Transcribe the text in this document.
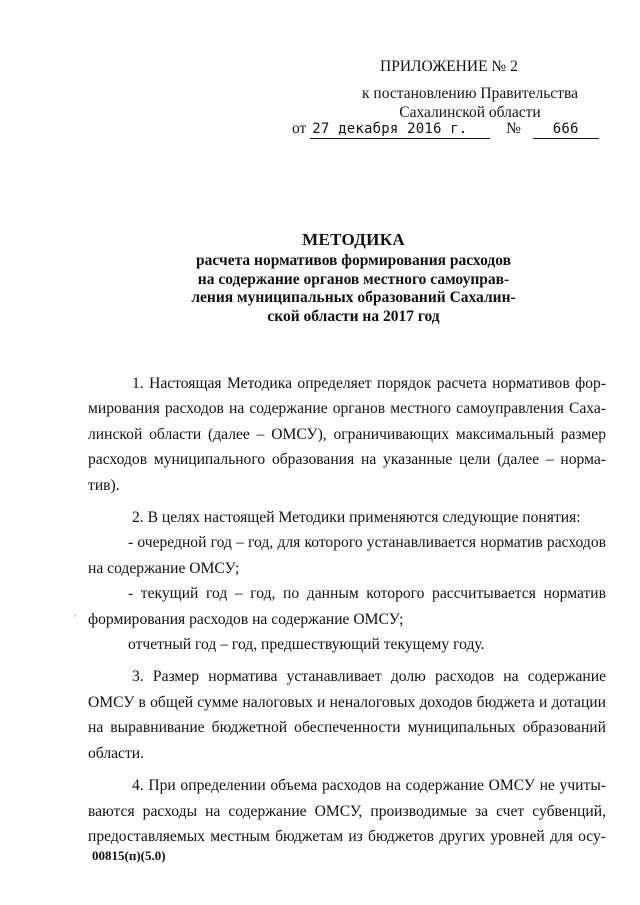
ПРИЛОЖЕНИЕ № 2
к постановлению Правительства
Сахалинской области
от 27 декабря 2016 г. № 666
МЕТОДИКА
расчета нормативов формирования расходов
на содержание органов местного самоуправ-
ления муниципальных образований Сахалин-
ской области на 2017 год
׳
1. Настоящая Методика определяет порядок расчета нормативов фор-
мирования расходов на содержание органов местного самоуправления Саха-
линской области (далее – ОМСУ), ограничивающих максимальный размер
расходов муниципального образования на указанные цели (далее – норма-
тив).
2. В целях настоящей Методики применяются следующие понятия:
- очередной год – год, для которого устанавливается норматив расходов
на содержание ОМСУ;
- текущий год – год, по данным которого рассчитывается норматив
формирования расходов на содержание ОМСУ;
отчетный год – год, предшествующий текущему году.
3. Размер норматива устанавливает долю расходов на содержание
ОМСУ в общей сумме налоговых и неналоговых доходов бюджета и дотации
на выравнивание бюджетной обеспеченности муниципальных образований
области.
4. При определении объема расходов на содержание ОМСУ не учиты-
ваются расходы на содержание ОМСУ, производимые за счет субвенций,
предоставляемых местным бюджетам из бюджетов других уровней для осу-
00815(п)(5.0)
